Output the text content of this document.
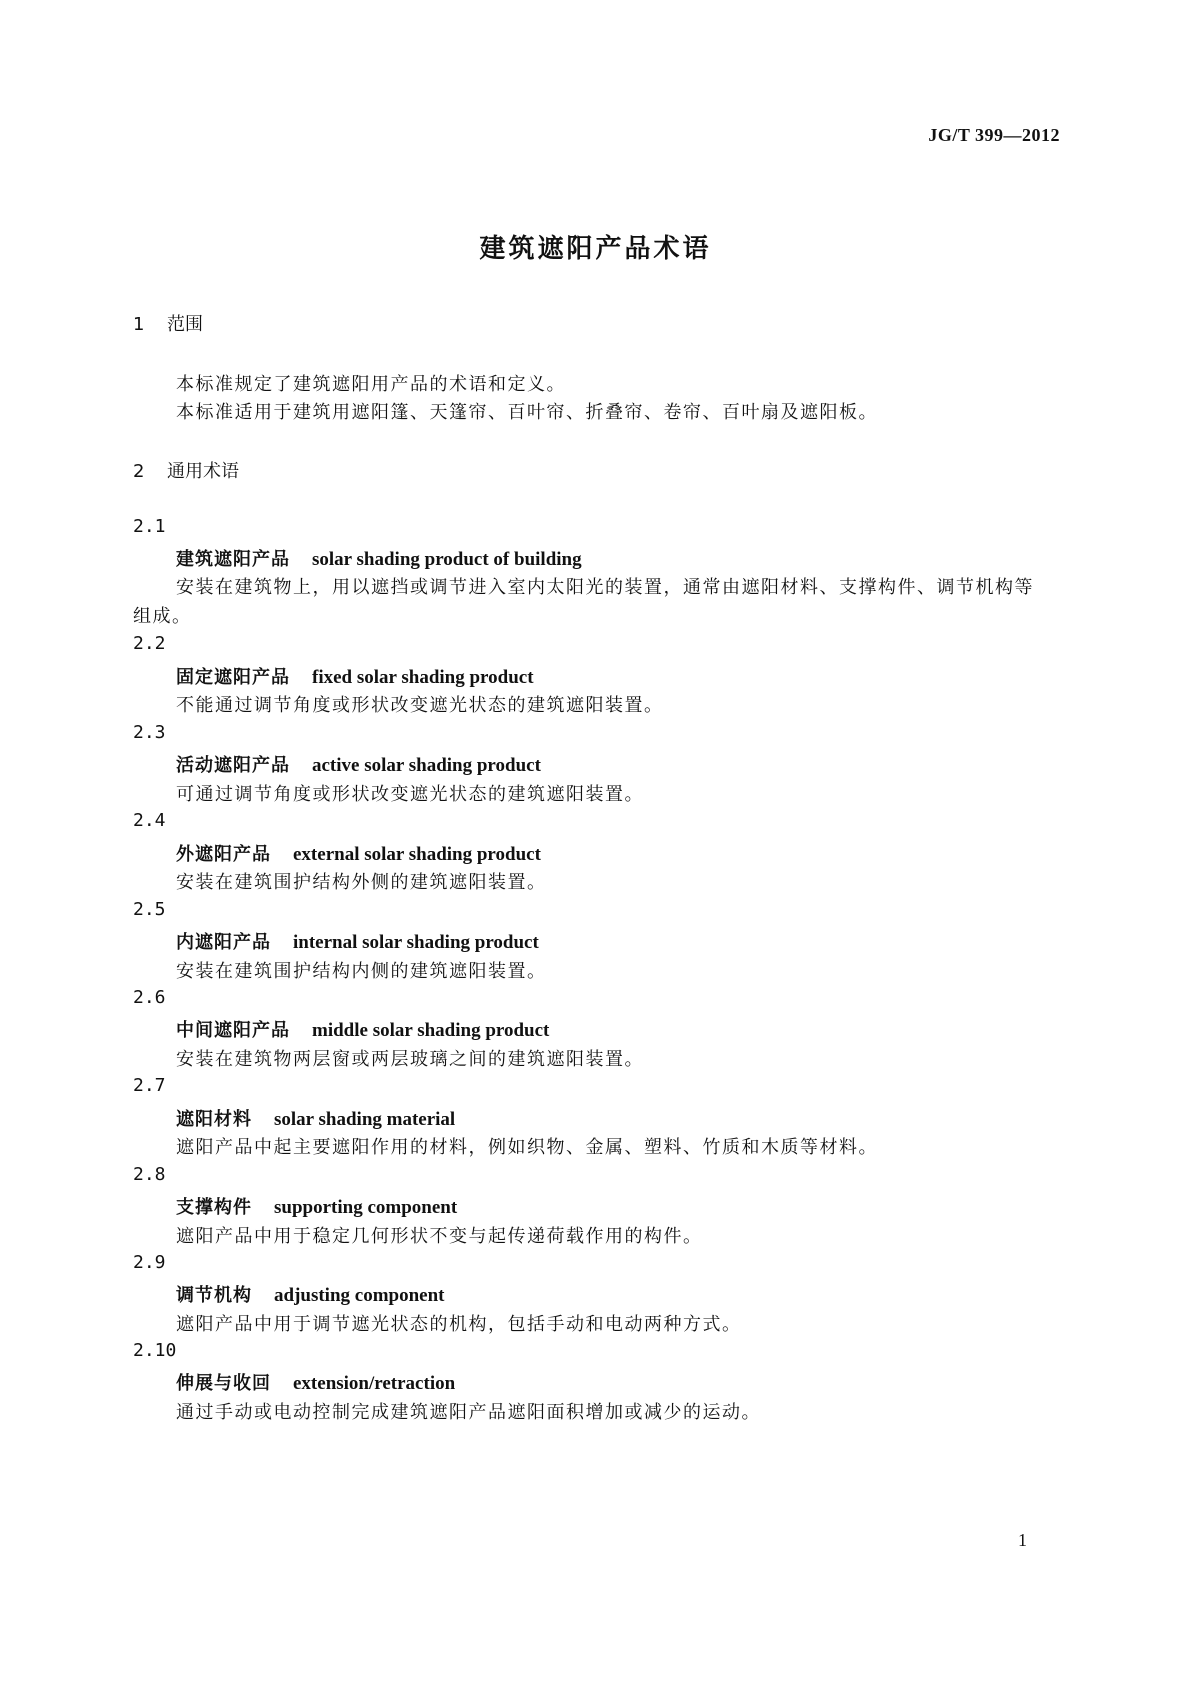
JG/T 399—2012
建筑遮阳产品术语
1 范围
本标准规定了建筑遮阳用产品的术语和定义。
本标准适用于建筑用遮阳篷、天篷帘、百叶帘、折叠帘、卷帘、百叶扇及遮阳板。
2 通用术语
2.1
建筑遮阳产品 solar shading product of building
安装在建筑物上，用以遮挡或调节进入室内太阳光的装置，通常由遮阳材料、支撑构件、调节机构等
组成。
2.2
固定遮阳产品 fixed solar shading product
不能通过调节角度或形状改变遮光状态的建筑遮阳装置。
2.3
活动遮阳产品 active solar shading product
可通过调节角度或形状改变遮光状态的建筑遮阳装置。
2.4
外遮阳产品 external solar shading product
安装在建筑围护结构外侧的建筑遮阳装置。
2.5
内遮阳产品 internal solar shading product
安装在建筑围护结构内侧的建筑遮阳装置。
2.6
中间遮阳产品 middle solar shading product
安装在建筑物两层窗或两层玻璃之间的建筑遮阳装置。
2.7
遮阳材料 solar shading material
遮阳产品中起主要遮阳作用的材料，例如织物、金属、塑料、竹质和木质等材料。
2.8
支撑构件 supporting component
遮阳产品中用于稳定几何形状不变与起传递荷载作用的构件。
2.9
调节机构 adjusting component
遮阳产品中用于调节遮光状态的机构，包括手动和电动两种方式。
2.10
伸展与收回 extension/retraction
通过手动或电动控制完成建筑遮阳产品遮阳面积增加或减少的运动。
1
